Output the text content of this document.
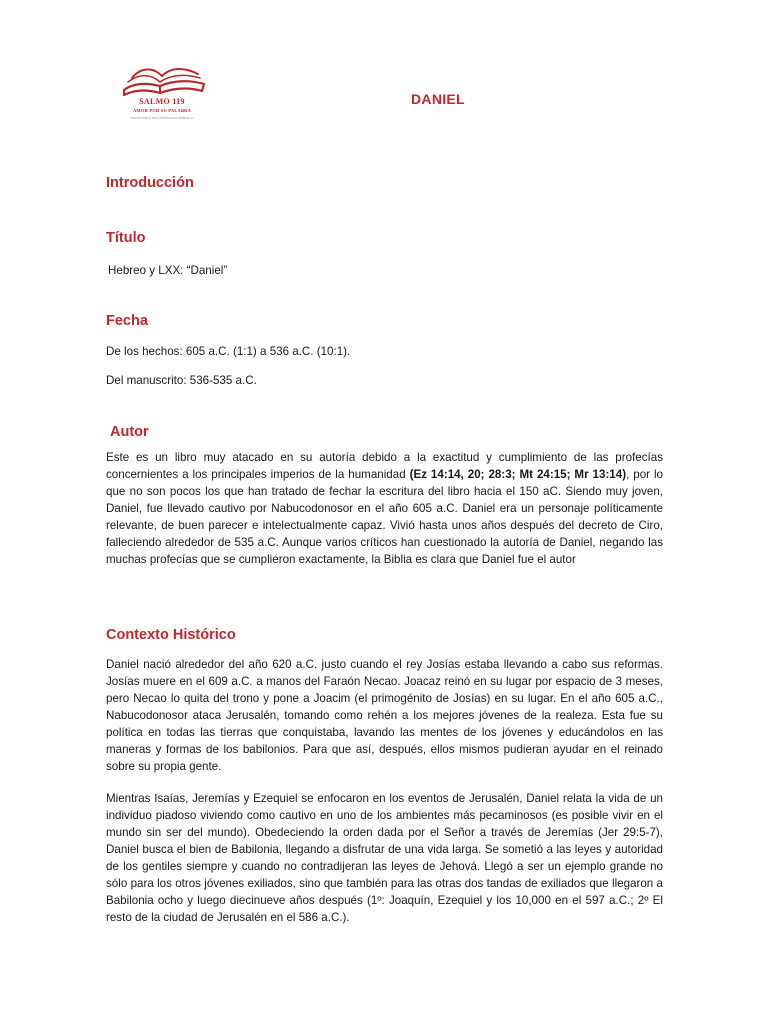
SALMO 119
AMOR POR SU PALABRA
MINISTERIO DE ENSEÑANZA BÍBLICA
DANIEL
Introducción
Título
Hebreo y LXX: “Daniel”
Fecha
De los hechos: 605 a.C. (1:1) a 536 a.C. (10:1).
Del manuscrito: 536-535 a.C.
Autor
Este es un libro muy atacado en su autoría debido a la exactitud y cumplimiento de las profecías concernientes a los principales imperios de la humanidad (Ez 14:14, 20; 28:3; Mt 24:15; Mr 13:14), por lo que no son pocos los que han tratado de fechar la escritura del libro hacia el 150 aC. Siendo muy joven, Daniel, fue llevado cautivo por Nabucodonosor en el año 605 a.C. Daniel era un personaje políticamente relevante, de buen parecer e intelectualmente capaz. Vivió hasta unos años después del decreto de Ciro, falleciendo alrededor de 535 a.C. Aunque varios críticos han cuestionado la autoría de Daniel, negando las muchas profecías que se cumplieron exactamente, la Biblia es clara que Daniel fue el autor
Contexto Histórico
Daniel nació alrededor del año 620 a.C. justo cuando el rey Josías estaba llevando a cabo sus reformas. Josías muere en el 609 a.C. a manos del Faraón Necao. Joacaz reinó en su lugar por espacio de 3 meses, pero Necao lo quita del trono y pone a Joacim (el primogénito de Josías) en su lugar. En el año 605 a.C., Nabucodonosor ataca Jerusalén, tomando como rehén a los mejores jóvenes de la realeza. Esta fue su política en todas las tierras que conquistaba, lavando las mentes de los jóvenes y educándolos en las maneras y formas de los babilonios. Para que así, después, ellos mismos pudieran ayudar en el reinado sobre su propia gente.
Mientras Isaías, Jeremías y Ezequiel se enfocaron en los eventos de Jerusalén, Daniel relata la vida de un individuo piadoso viviendo como cautivo en uno de los ambientes más pecaminosos (es posible vivir en el mundo sin ser del mundo). Obedeciendo la orden dada por el Señor a través de Jeremías (Jer 29:5-7), Daniel busca el bien de Babilonia, llegando a disfrutar de una vida larga. Se sometió a las leyes y autoridad de los gentiles siempre y cuando no contradijeran las leyes de Jehová. Llegó a ser un ejemplo grande no sólo para los otros jóvenes exiliados, sino que también para las otras dos tandas de exiliados que llegaron a Babilonia ocho y luego diecinueve años después (1º: Joaquín, Ezequiel y los 10,000 en el 597 a.C.; 2º El resto de la ciudad de Jerusalén en el 586 a.C.).
